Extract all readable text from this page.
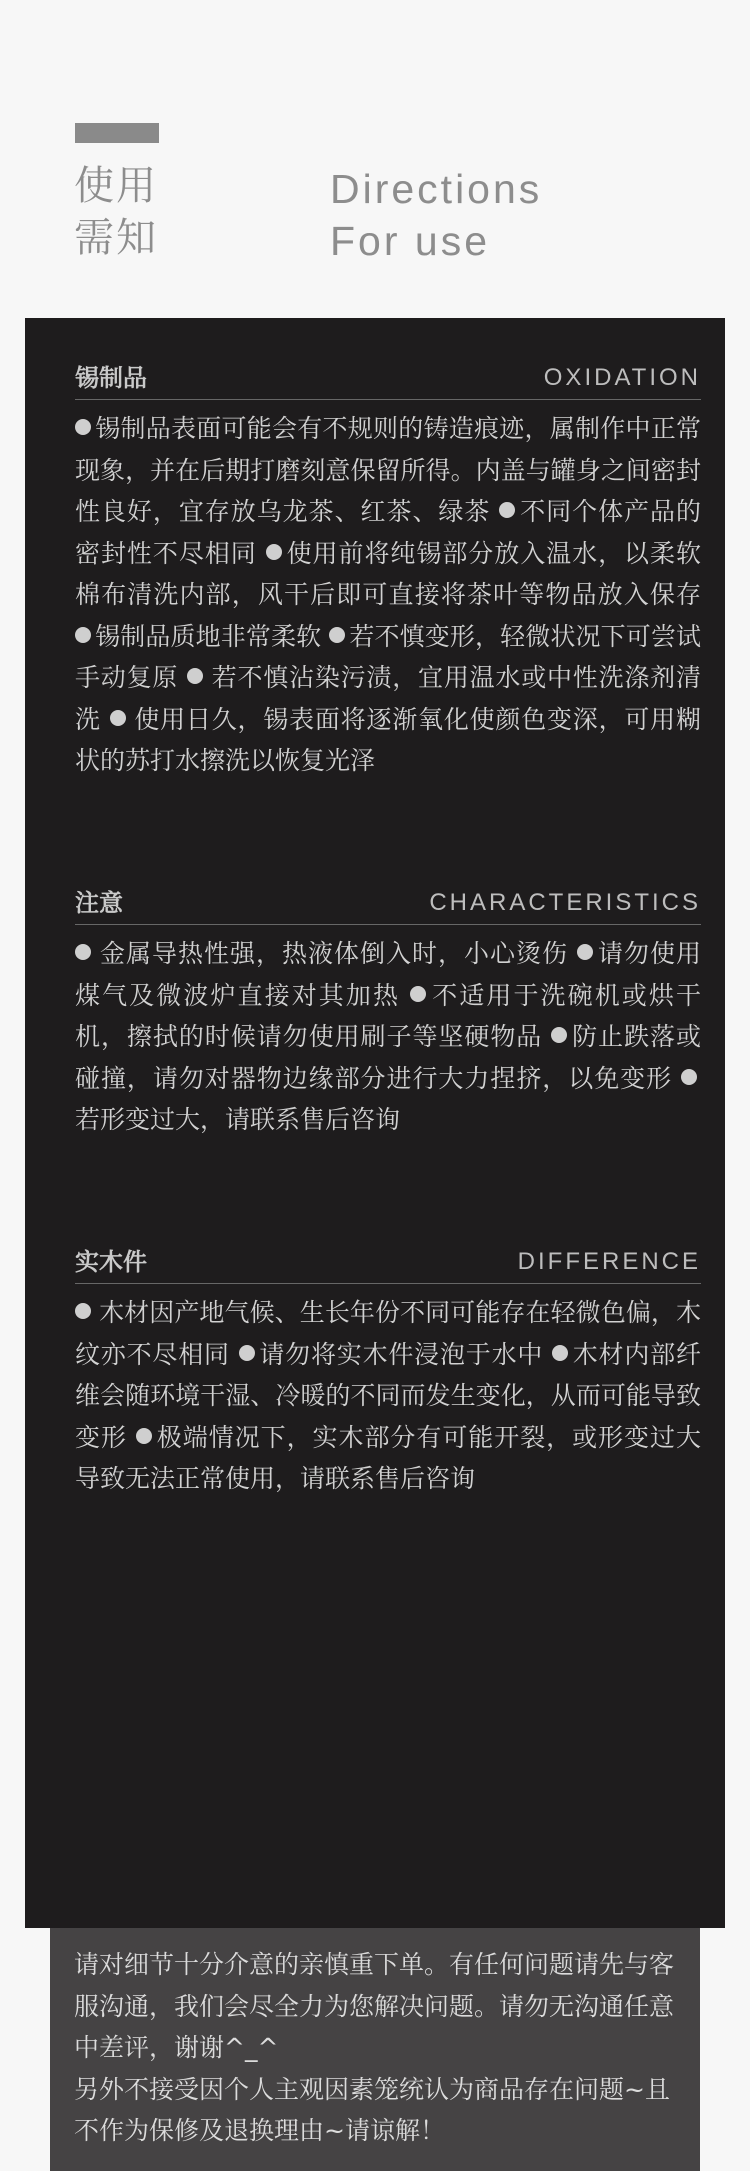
使用
需知
Directions
For use
锡制品	OXIDATION
锡制品表面可能会有不规则的铸造痕迹，属制作中正常现象，并在后期打磨刻意保留所得。内盖与罐身之间密封性良好，宜存放乌龙茶、红茶、绿茶 不同个体产品的密封性不尽相同 使用前将纯锡部分放入温水，以柔软棉布清洗内部，风干后即可直接将茶叶等物品放入保存 锡制品质地非常柔软 若不慎变形，轻微状况下可尝试手动复原 若不慎沾染污渍，宜用温水或中性洗涤剂清洗 使用日久，锡表面将逐渐氧化使颜色变深，可用糊状的苏打水擦洗以恢复光泽
注意	CHARACTERISTICS
金属导热性强，热液体倒入时，小心烫伤 请勿使用煤气及微波炉直接对其加热 不适用于洗碗机或烘干机，擦拭的时候请勿使用刷子等坚硬物品 防止跌落或碰撞，请勿对器物边缘部分进行大力捏挤，以免变形 若形变过大，请联系售后咨询
实木件	DIFFERENCE
木材因产地气候、生长年份不同可能存在轻微色偏，木纹亦不尽相同 请勿将实木件浸泡于水中 木材内部纤维会随环境干湿、冷暖的不同而发生变化，从而可能导致变形 极端情况下，实木部分有可能开裂，或形变过大导致无法正常使用，请联系售后咨询

请对细节十分介意的亲慎重下单。有任何问题请先与客服沟通，我们会尽全力为您解决问题。请勿无沟通任意中差评，谢谢^_^

另外不接受因个人主观因素笼统认为商品存在问题~且不作为保修及退换理由~请谅解！
